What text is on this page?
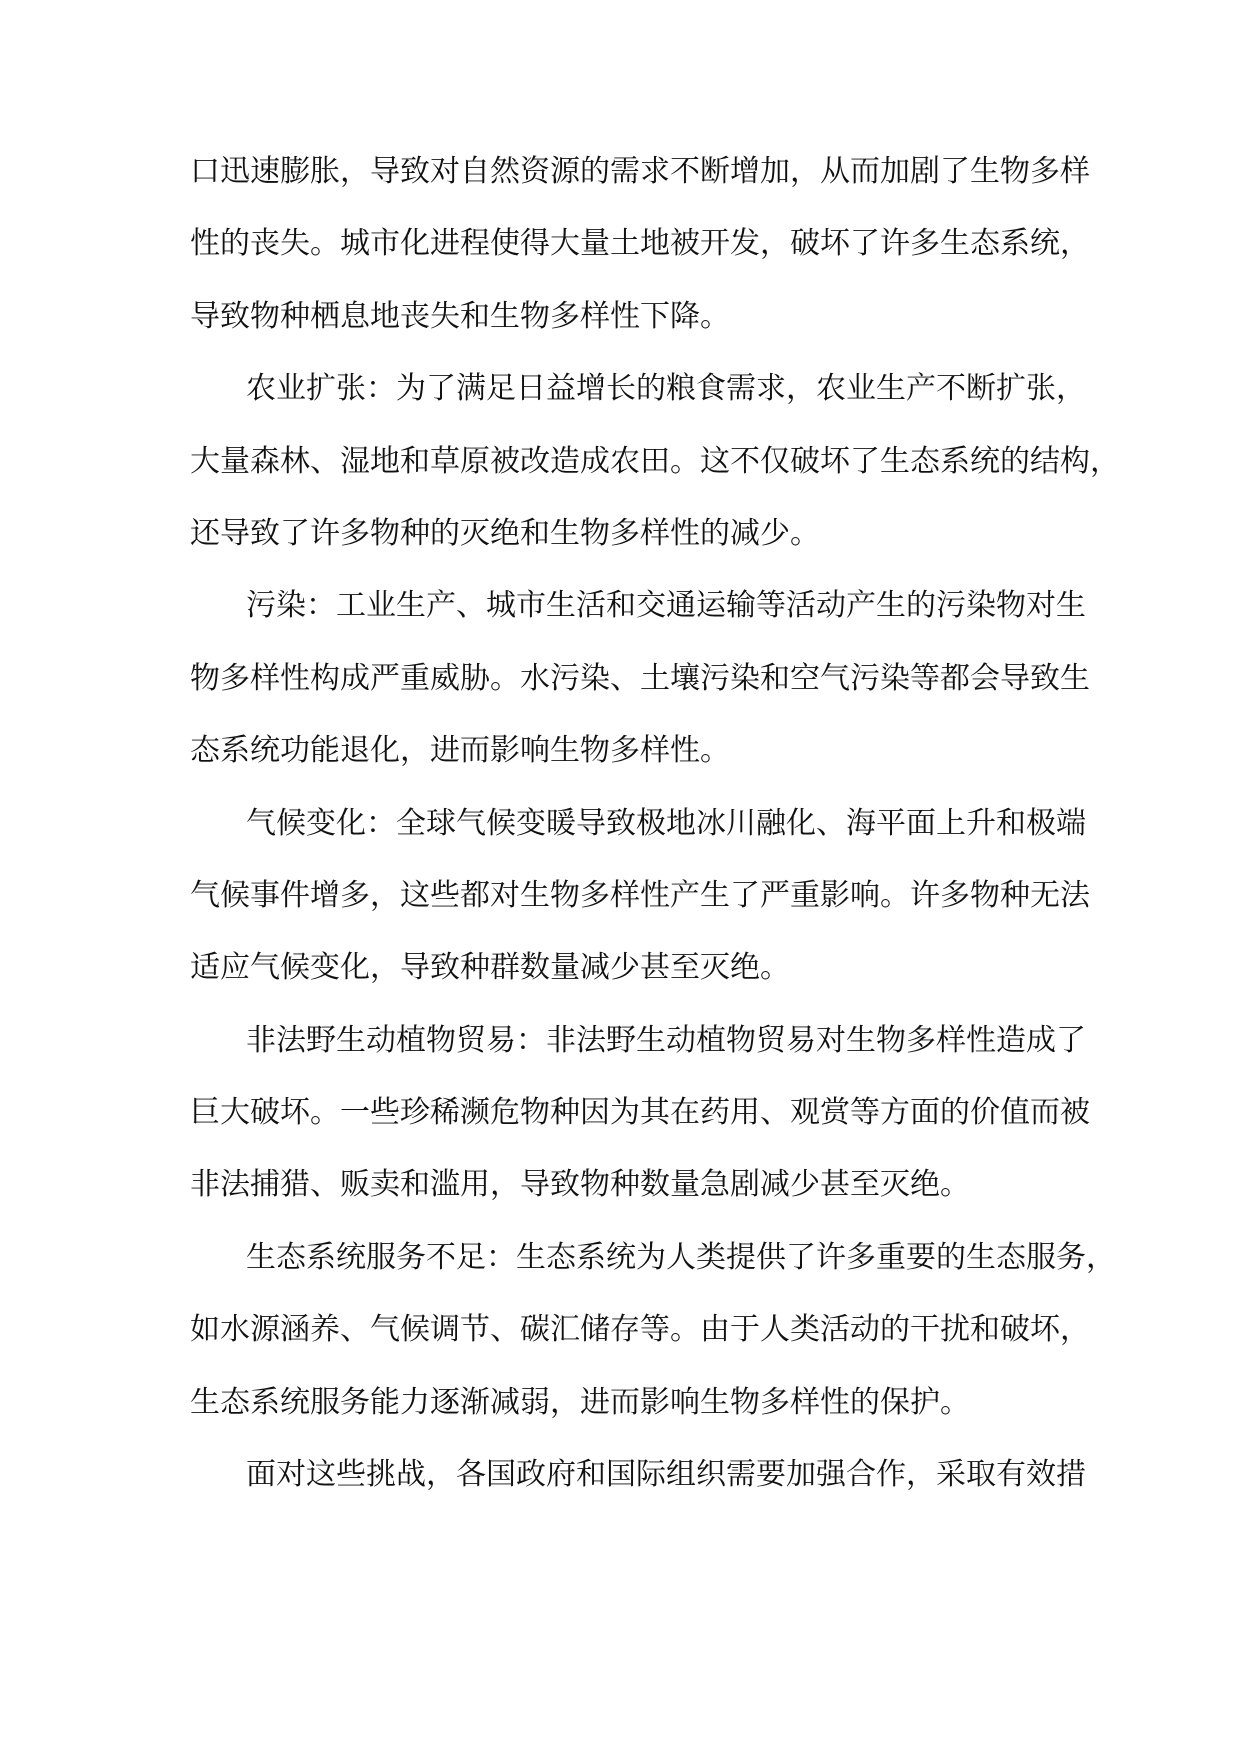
口迅速膨胀，导致对自然资源的需求不断增加，从而加剧了生物多样
性的丧失。城市化进程使得大量土地被开发，破坏了许多生态系统，
导致物种栖息地丧失和生物多样性下降。
农业扩张：为了满足日益增长的粮食需求，农业生产不断扩张，
大量森林、湿地和草原被改造成农田。这不仅破坏了生态系统的结构，
还导致了许多物种的灭绝和生物多样性的减少。
污染：工业生产、城市生活和交通运输等活动产生的污染物对生
物多样性构成严重威胁。水污染、土壤污染和空气污染等都会导致生
态系统功能退化，进而影响生物多样性。
气候变化：全球气候变暖导致极地冰川融化、海平面上升和极端
气候事件增多，这些都对生物多样性产生了严重影响。许多物种无法
适应气候变化，导致种群数量减少甚至灭绝。
非法野生动植物贸易：非法野生动植物贸易对生物多样性造成了
巨大破坏。一些珍稀濒危物种因为其在药用、观赏等方面的价值而被
非法捕猎、贩卖和滥用，导致物种数量急剧减少甚至灭绝。
生态系统服务不足：生态系统为人类提供了许多重要的生态服务，
如水源涵养、气候调节、碳汇储存等。由于人类活动的干扰和破坏，
生态系统服务能力逐渐减弱，进而影响生物多样性的保护。
面对这些挑战，各国政府和国际组织需要加强合作，采取有效措
